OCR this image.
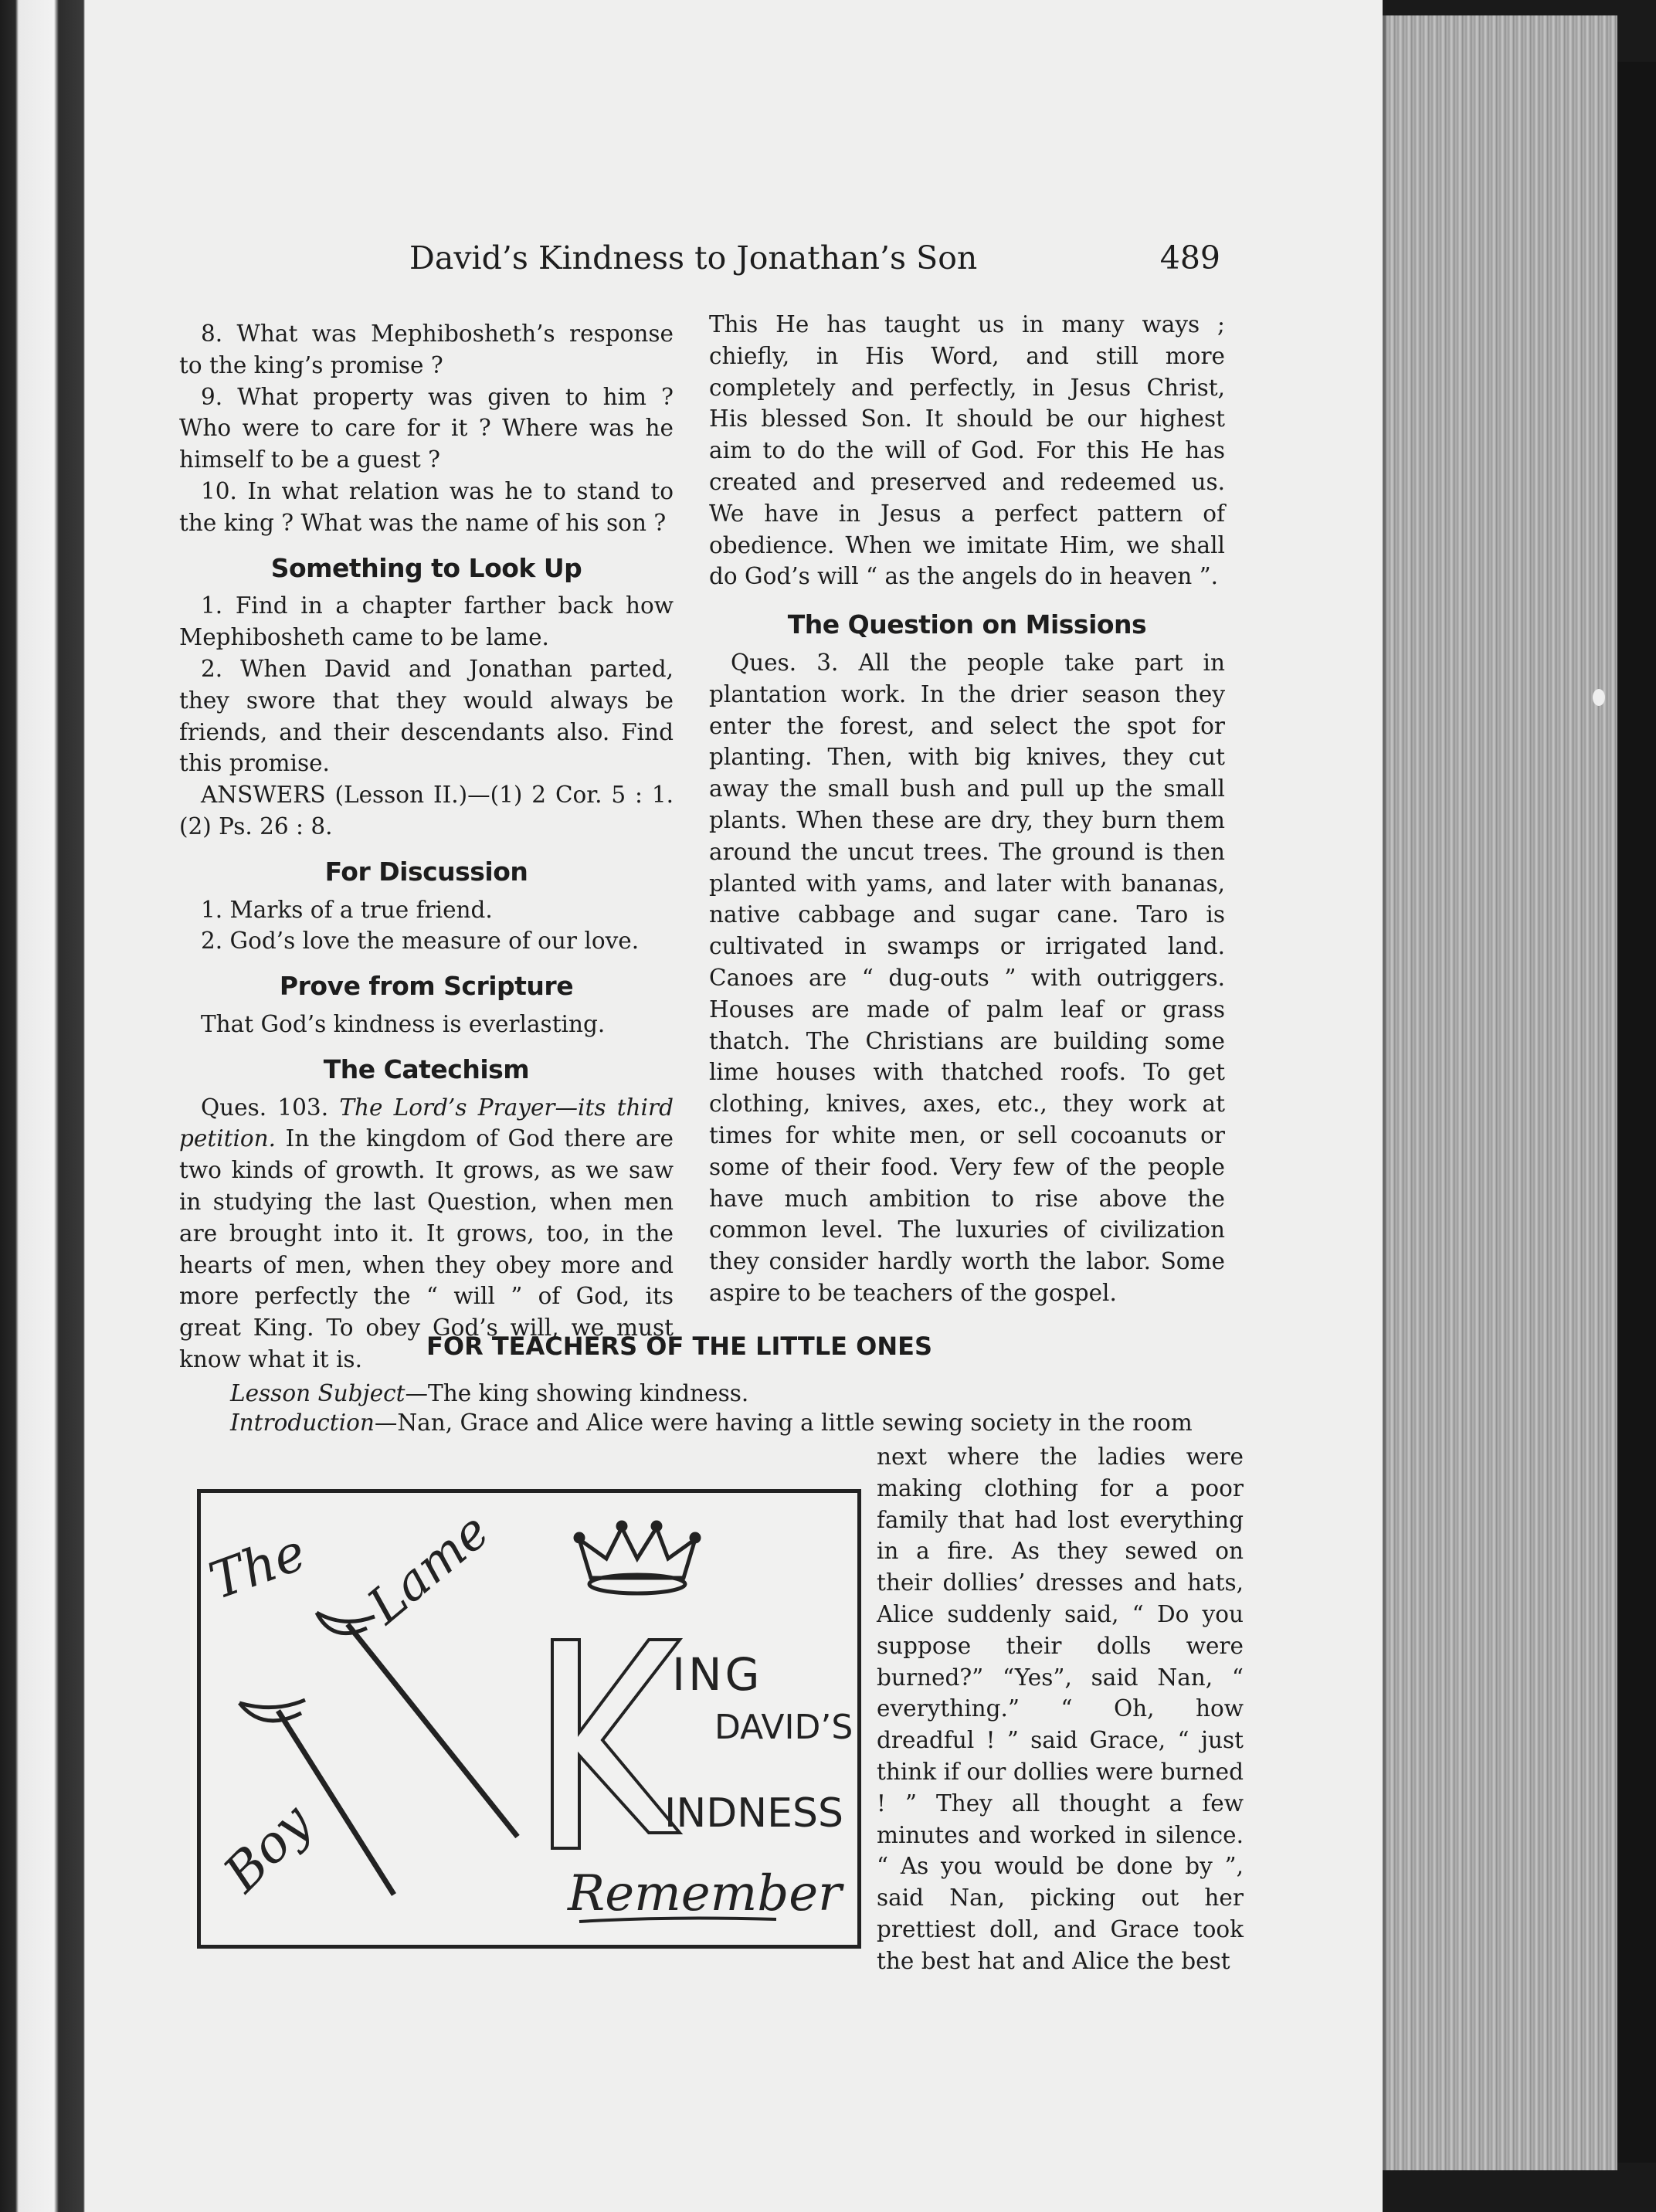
David’s Kindness to Jonathan’s Son	489

8. What was Mephibosheth’s response to the king’s promise ?

9. What property was given to him ? Who were to care for it ? Where was he himself to be a guest ?

10. In what relation was he to stand to the king ? What was the name of his son ?

Something to Look Up

1. Find in a chapter farther back how Mephibosheth came to be lame.

2. When David and Jonathan parted, they swore that they would always be friends, and their descendants also. Find this promise.

ANSWERS (Lesson II.)—(1) 2 Cor. 5 : 1. (2) Ps. 26 : 8.

For Discussion

1. Marks of a true friend.

2. God’s love the measure of our love.

Prove from Scripture

That God’s kindness is everlasting.

The Catechism

Ques. 103. The Lord’s Prayer—its third petition. In the kingdom of God there are two kinds of growth. It grows, as we saw in studying the last Question, when men are brought into it. It grows, too, in the hearts of men, when they obey more and more perfectly the “ will ” of God, its great King. To obey God’s will, we must know what it is.

This He has taught us in many ways ; chiefly, in His Word, and still more completely and perfectly, in Jesus Christ, His blessed Son. It should be our highest aim to do the will of God. For this He has created and preserved and redeemed us. We have in Jesus a perfect pattern of obedience. When we imitate Him, we shall do God’s will “ as the angels do in heaven ”.

The Question on Missions

Ques. 3. All the people take part in plantation work. In the drier season they enter the forest, and select the spot for planting. Then, with big knives, they cut away the small bush and pull up the small plants. When these are dry, they burn them around the uncut trees. The ground is then planted with yams, and later with bananas, native cabbage and sugar cane. Taro is cultivated in swamps or irrigated land. Canoes are “ dug-outs ” with outriggers. Houses are made of palm leaf or grass thatch. The Christians are building some lime houses with thatched roofs. To get clothing, knives, axes, etc., they work at times for white men, or sell cocoanuts or some of their food. Very few of the people have much ambition to rise above the common level. The luxuries of civilization they consider hardly worth the labor. Some aspire to be teachers of the gospel.

FOR TEACHERS OF THE LITTLE ONES
Lesson Subject—The king showing kindness.
Introduction—Nan, Grace and Alice were having a little sewing society in the room
next where the ladies were making clothing for a poor family that had lost everything in a fire. As they sewed on their dollies’ dresses and hats, Alice suddenly said, “ Do you suppose their dolls were burned?” “Yes”, said Nan, “ everything.” “ Oh, how dreadful ! ” said Grace, “ just think if our dollies were burned ! ” They all thought a few minutes and worked in silence. “ As you would be done by ”, said Nan, picking out her prettiest doll, and Grace took the best hat and Alice the best
The Lame
Boy
ING
DAVID’S
INDNESS
Remember
